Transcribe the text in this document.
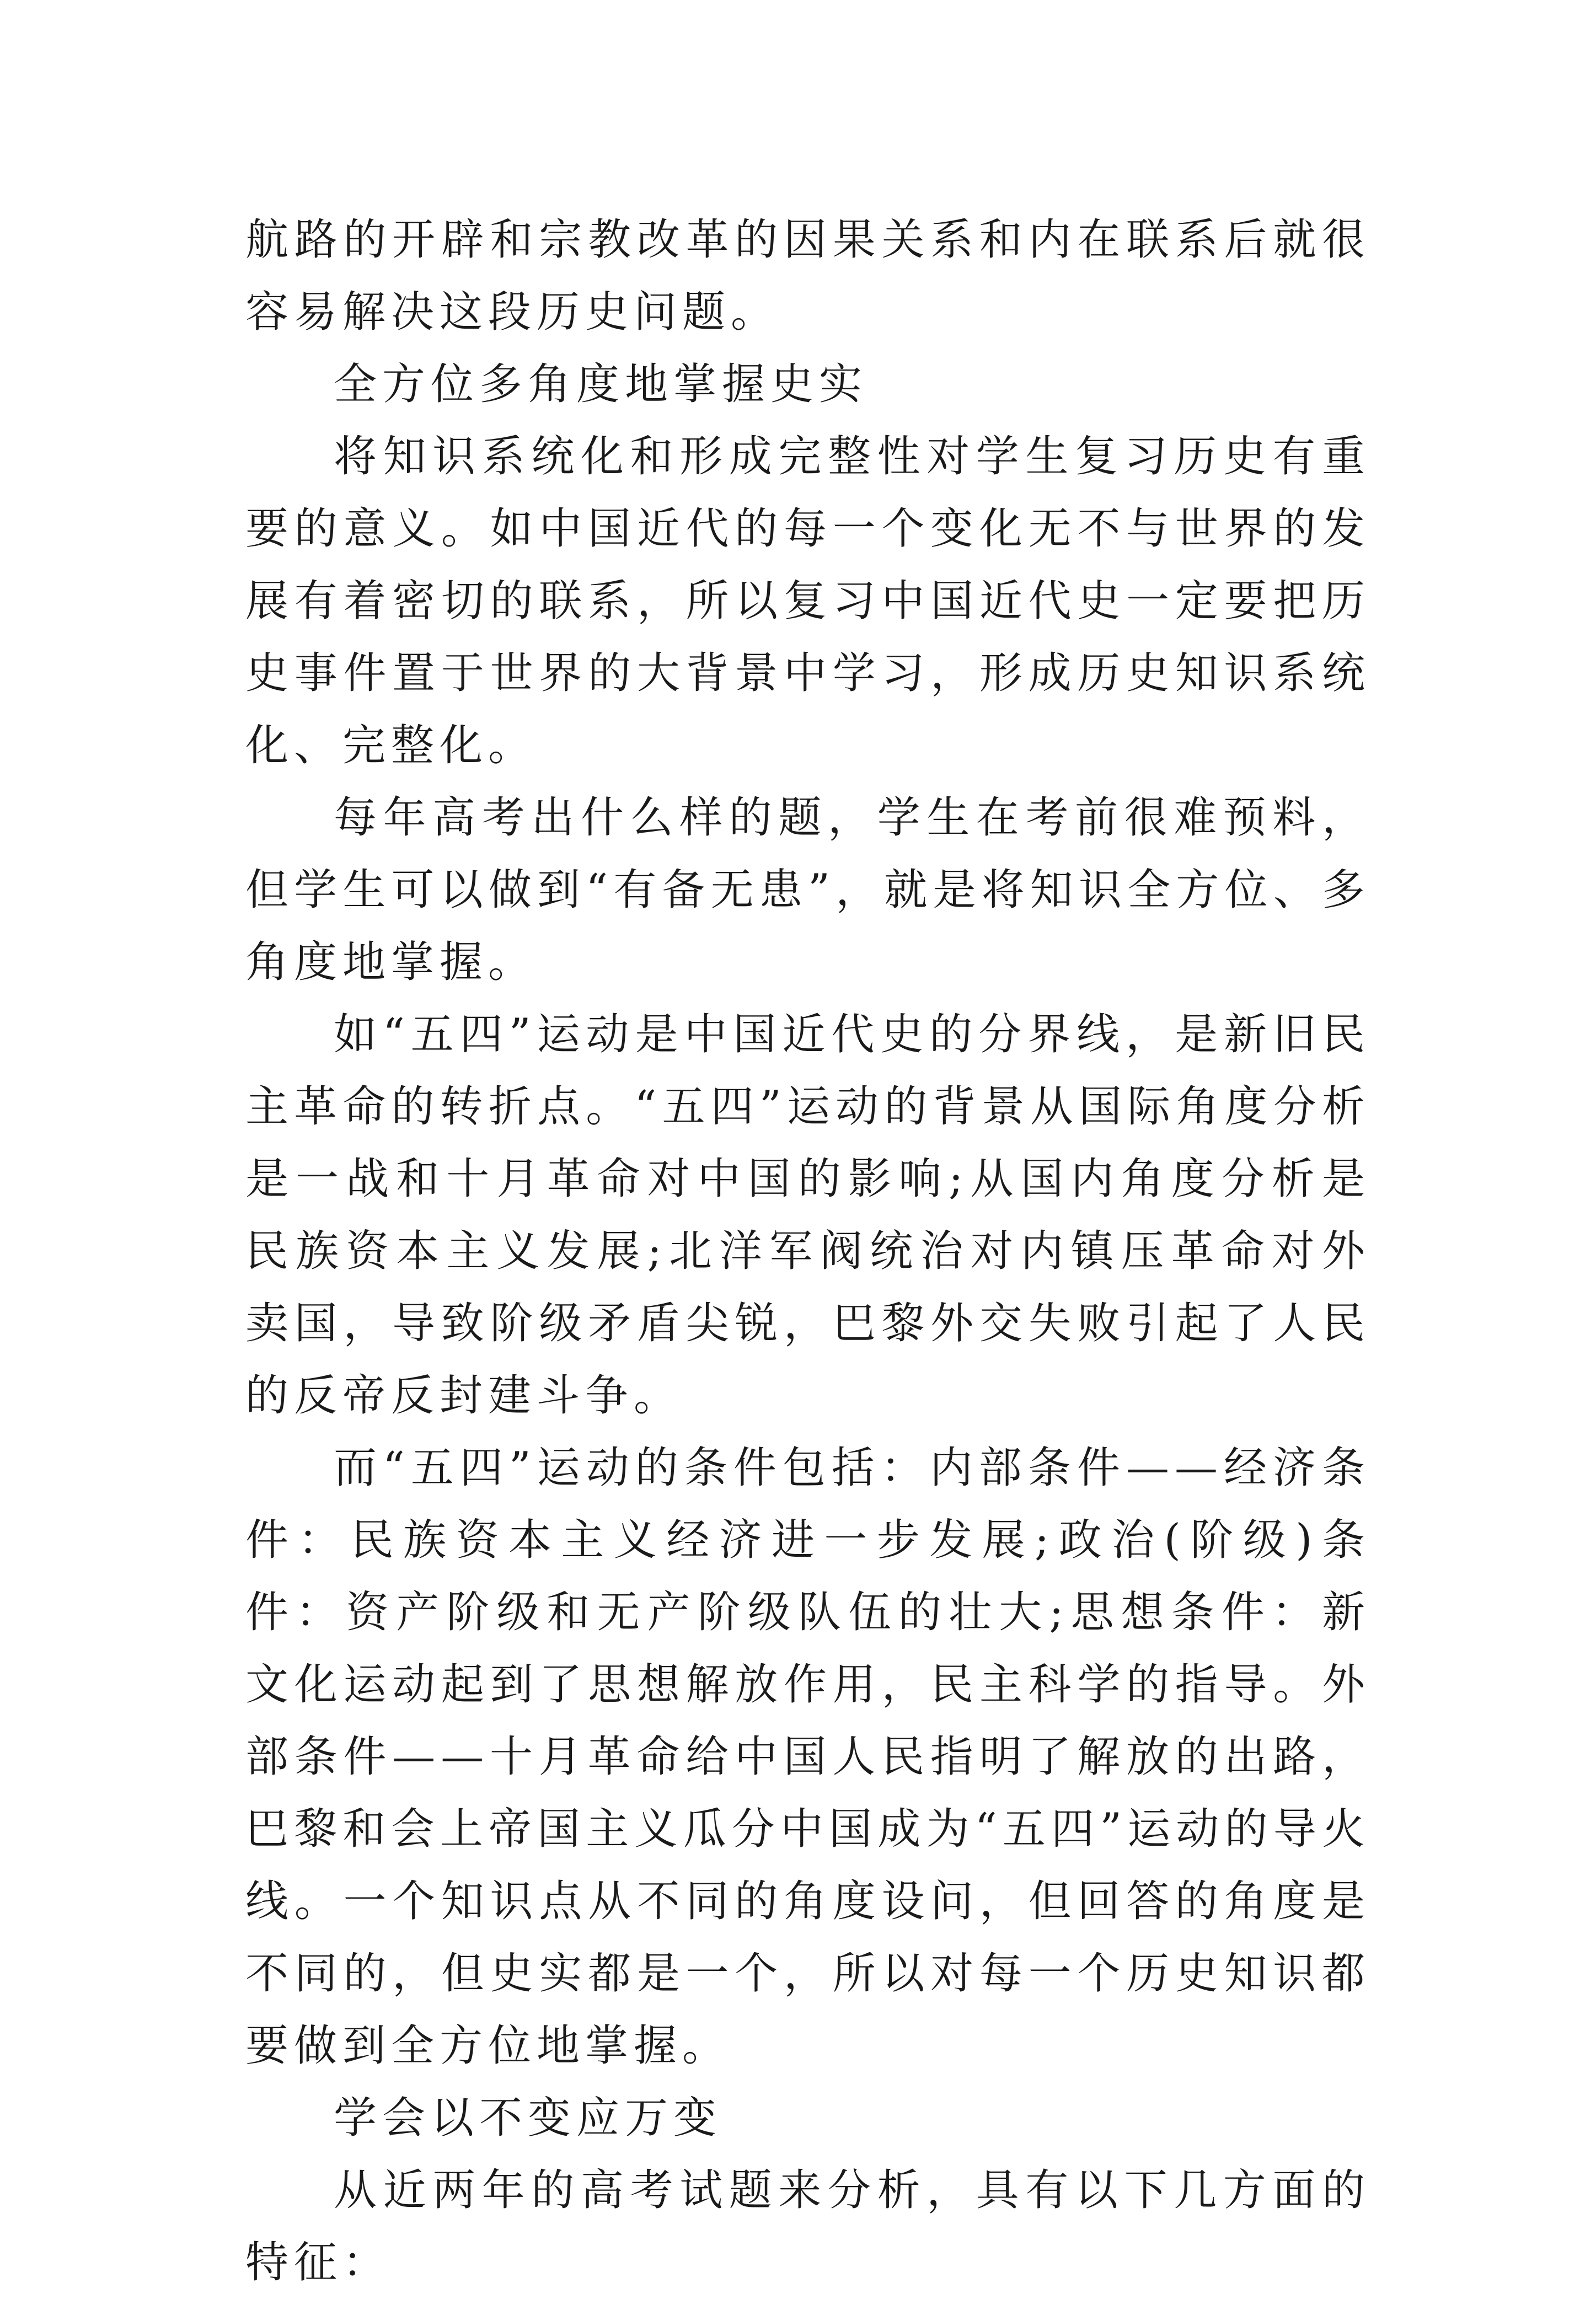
航路的开辟和宗教改革的因果关系和内在联系后就很容易解决这段历史问题。

全方位多角度地掌握史实

将知识系统化和形成完整性对学生复习历史有重要的意义。如中国近代的每一个变化无不与世界的发展有着密切的联系，所以复习中国近代史一定要把历史事件置于世界的大背景中学习，形成历史知识系统化、完整化。

每年高考出什么样的题，学生在考前很难预料，但学生可以做到“有备无患”，就是将知识全方位、多角度地掌握。

如“五四”运动是中国近代史的分界线，是新旧民主革命的转折点。“五四”运动的背景从国际角度分析是一战和十月革命对中国的影响;从国内角度分析是民族资本主义发展;北洋军阀统治对内镇压革命对外卖国，导致阶级矛盾尖锐，巴黎外交失败引起了人民的反帝反封建斗争。

而“五四”运动的条件包括：内部条件——经济条件：民族资本主义经济进一步发展;政治(阶级)条件：资产阶级和无产阶级队伍的壮大;思想条件：新文化运动起到了思想解放作用，民主科学的指导。外部条件——十月革命给中国人民指明了解放的出路，巴黎和会上帝国主义瓜分中国成为“五四”运动的导火线。一个知识点从不同的角度设问，但回答的角度是不同的，但史实都是一个，所以对每一个历史知识都要做到全方位地掌握。

学会以不变应万变

从近两年的高考试题来分析，具有以下几方面的特征：
